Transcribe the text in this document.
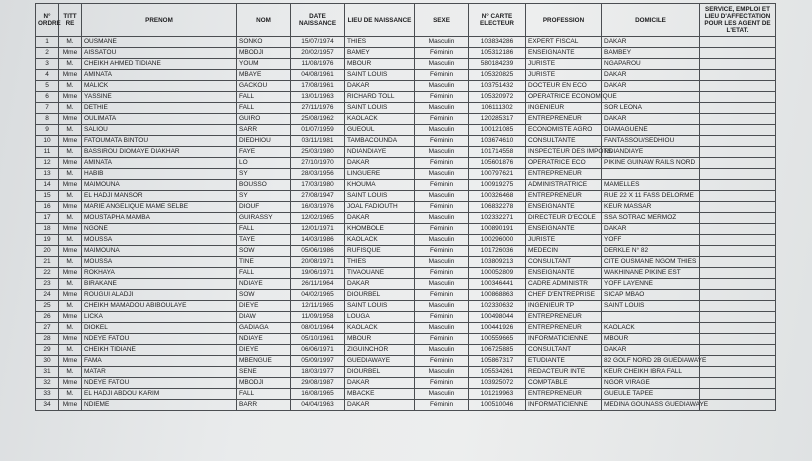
N° ORDRE	TITT RE	PRENOM	NOM	DATE NAISSANCE	LIEU DE NAISSANCE	SEXE	N° CARTE ELECTEUR	PROFESSION	DOMICILE	SERVICE, EMPLOI ET LIEU D'AFFECTATION POUR LES AGENT DE L'ETAT.
1	M.	OUSMANE	SONKO	15/07/1974	THIES	Masculin	103834286	EXPERT FISCAL	DAKAR	
2	Mme	AISSATOU	MBODJI	20/02/1957	BAMEY	Féminin	105312186	ENSEIGNANTE	BAMBEY	
3	M.	CHEIKH AHMED TIDIANE	YOUM	11/08/1976	MBOUR	Masculin	580184239	JURISTE	NGAPAROU	
4	Mme	AMINATA	MBAYE	04/08/1961	SAINT LOUIS	Féminin	105320825	JURISTE	DAKAR	
5	M.	MALICK	GACKOU	17/08/1961	DAKAR	Masculin	103751432	DOCTEUR EN ECO	DAKAR	
6	Mme	YASSINE	FALL	13/01/1963	RICHARD TOLL	Féminin	105320972	OPERATRICE ECONOMIQUE		
7	M.	DETHIE	FALL	27/11/1976	SAINT LOUIS	Masculin	106111302	INGENIEUR	SOR LEONA	
8	Mme	OULIMATA	GUIRO	25/08/1962	KAOLACK	Féminin	120285317	ENTREPRENEUR	DAKAR	
9	M.	SALIOU	SARR	01/07/1959	GUEOUL	Masculin	100121085	ECONOMISTE AGRO	DIAMAGUENE	
10	Mme	FATOUMATA BINTOU	DIEDHIOU	03/11/1981	TAMBACOUNDA	Féminin	103674610	CONSULTANTE	FANTASSOU/SEDHIOU	
11	M.	BASSIROU DIOMAYE DIAKHAR	FAYE	25/03/1980	NDIANDIAYE	Masculin	101714558	INSPECTEUR DES IMPOTS	NDIANDIAYE	
12	Mme	AMINATA	LO	27/10/1970	DAKAR	Féminin	105601876	OPERATRICE ECO	PIKINE GUINAW RAILS NORD	
13	M.	HABIB	SY	28/03/1956	LINGUERE	Masculin	100797621	ENTREPRENEUR		
14	Mme	MAIMOUNA	BOUSSO	17/03/1980	KHOUMA	Féminin	100919275	ADMINISTRATRICE	MAMELLES	
15	M.	EL HADJI MANSOR	SY	27/08/1947	SAINT LOUIS	Masculin	100326468	ENTREPRENEUR	RUE 22 X 11 FASS DELORME	
16	Mme	MARIE ANGELIQUE MAME SELBE	DIOUF	16/03/1976	JOAL FADIOUTH	Féminin	106832278	ENSEIGNANTE	KEUR MASSAR	
17	M.	MOUSTAPHA MAMBA	GUIRASSY	12/02/1965	DAKAR	Masculin	102332271	DIRECTEUR D'ECOLE	SSA SOTRAC MERMOZ	
18	Mme	NGONE	FALL	12/01/1971	KHOMBOLE	Féminin	100890191	ENSEIGNANTE	DAKAR	
19	M.	MOUSSA	TAYE	14/03/1986	KAOLACK	Masculin	100296000	JURISTE	YOFF	
20	Mme	MAIMOUNA	SOW	05/06/1986	RUFISQUE	Féminin	101726036	MEDECIN	DERKLE N° 82	
21	M.	MOUSSA	TINE	20/08/1971	THIES	Masculin	103809213	CONSULTANT	CITE OUSMANE NGOM THIES	
22	Mme	ROKHAYA	FALL	19/06/1971	TIVAOUANE	Féminin	100052809	ENSEIGNANTE	WAKHINANE PIKINE EST	
23	M.	BIRAKANE	NDIAYE	26/11/1964	DAKAR	Masculin	100346441	CADRE ADMINISTR	YOFF LAYENNE	
24	Mme	ROUGUI ALADJI	SOW	04/02/1965	DIOURBEL	Féminin	100868863	CHEF D'ENTREPRISE	SICAP MBAO	
25	M.	CHEIKH MAMADOU ABIBOULAYE	DIEYE	12/11/1965	SAINT LOUIS	Masculin	102330632	INGENIEUR TP	SAINT LOUIS	
26	Mme	LICKA	DIAW	11/09/1958	LOUGA	Féminin	100498044	ENTREPRENEUR		
27	M.	DIOKEL	GADIAGA	08/01/1964	KAOLACK	Masculin	100441926	ENTREPRENEUR	KAOLACK	
28	Mme	NDEYE FATOU	NDIAYE	05/10/1961	MBOUR	Féminin	100559665	INFORMATICIENNE	MBOUR	
29	M.	CHEIKH TIDIANE	DIEYE	06/06/1971	ZIGUINCHOR	Masculin	106725885	CONSULTANT	DAKAR	
30	Mme	FAMA	MBENGUE	05/09/1997	GUEDIAWAYE	Féminin	105867317	ETUDIANTE	82 GOLF NORD 2B GUEDIAWAYE	
31	M.	MATAR	SENE	18/03/1977	DIOURBEL	Masculin	105534261	REDACTEUR INTE	KEUR CHEIKH IBRA FALL	
32	Mme	NDEYE FATOU	MBODJI	29/08/1987	DAKAR	Féminin	103925072	COMPTABLE	NGOR VIRAGE	
33	M.	EL HADJI ABDOU KARIM	FALL	16/08/1965	MBACKE	Masculin	101219963	ENTREPRENEUR	GUEULE TAPEE	
34	Mme	NDIEME	BARR	04/04/1963	DAKAR	Féminin	100510046	INFORMATICIENNE	MEDINA GOUNASS GUEDIAWAYE	
